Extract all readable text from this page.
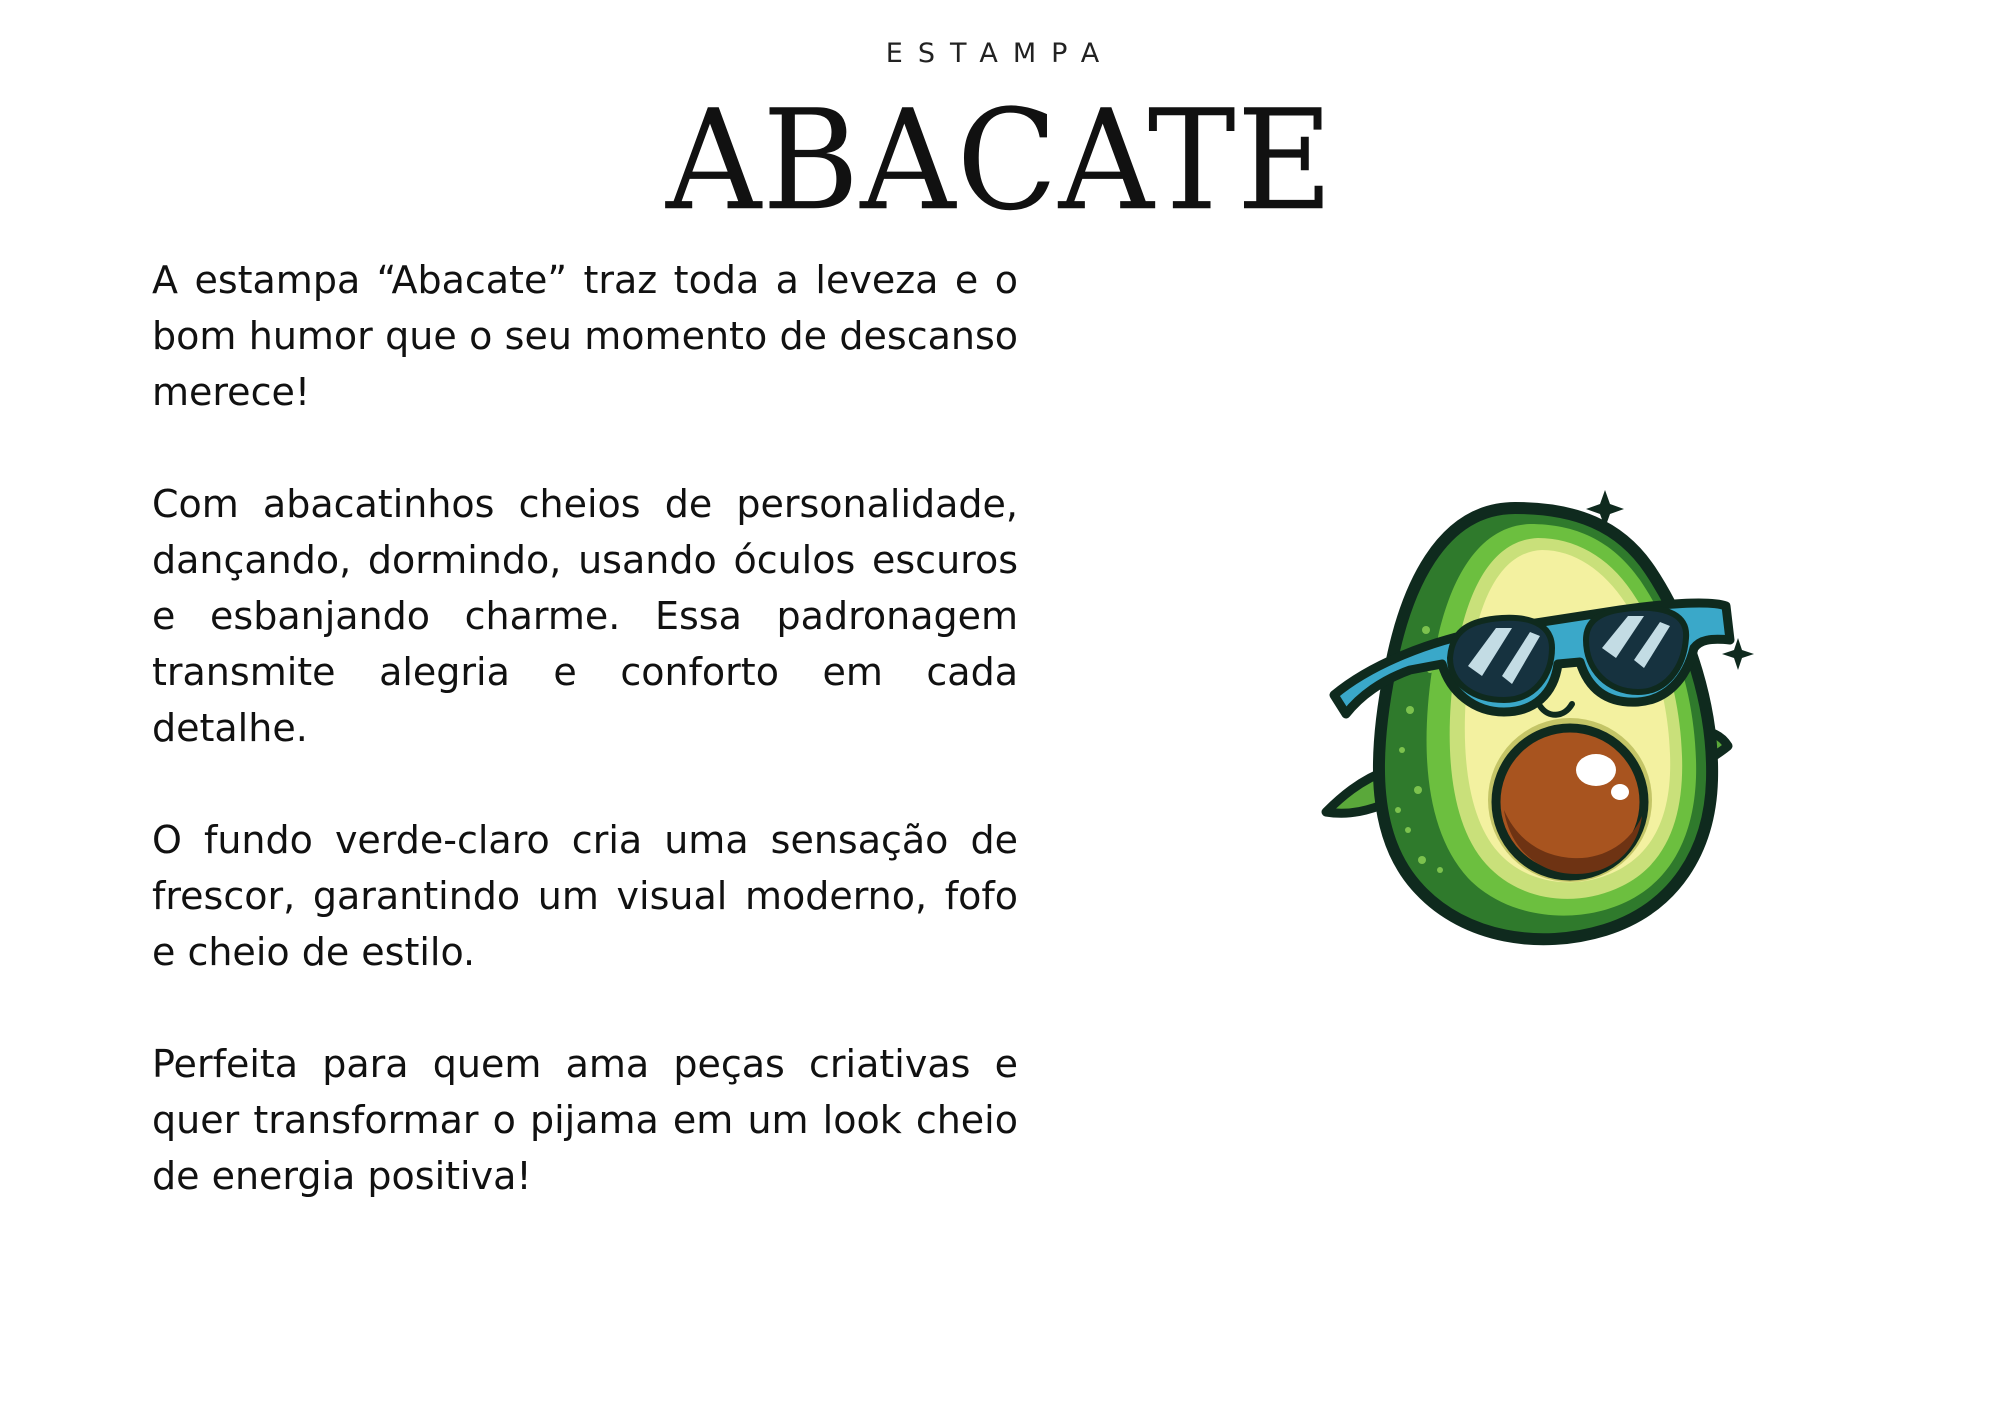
ESTAMPA
ABACATE

A estampa “Abacate” traz toda a leveza e o bom humor que o seu momento de descanso merece!

Com abacatinhos cheios de personalidade, dançando, dormindo, usando óculos escuros e esbanjando charme. Essa padronagem transmite alegria e conforto em cada detalhe.

O fundo verde-claro cria uma sensação de frescor, garantindo um visual moderno, fofo e cheio de estilo.

Perfeita para quem ama peças criativas e quer transformar o pijama em um look cheio de energia positiva!
